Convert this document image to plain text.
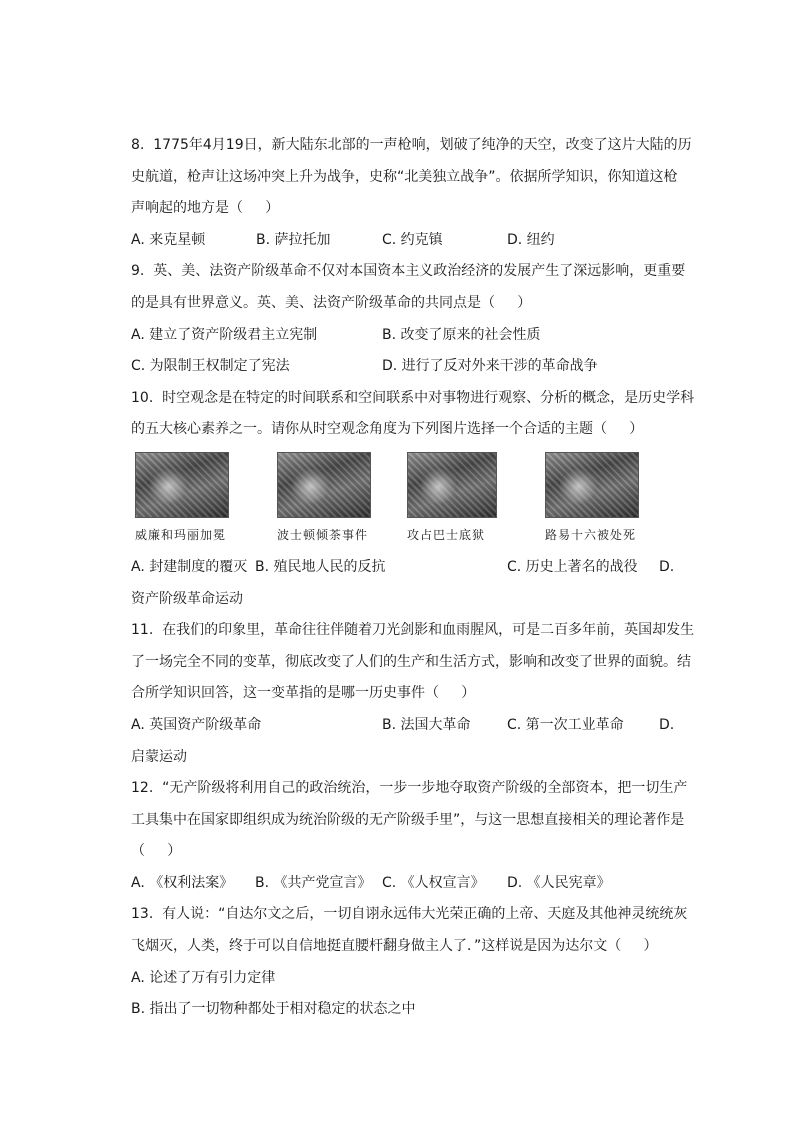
8.  1775年4月19日，新大陆东北部的一声枪响，划破了纯净的天空，改变了这片大陆的历
史航道，枪声让这场冲突上升为战争，史称“北美独立战争”。依据所学知识，你知道这枪
声响起的地方是（     ）
A. 来克星顿	B. 萨拉托加	C. 约克镇	D. 纽约
9.  英、美、法资产阶级革命不仅对本国资本主义政治经济的发展产生了深远影响，更重要
的是具有世界意义。英、美、法资产阶级革命的共同点是（     ）
A. 建立了资产阶级君主立宪制	B. 改变了原来的社会性质
C. 为限制王权制定了宪法	D. 进行了反对外来干涉的革命战争
10.  时空观念是在特定的时间联系和空间联系中对事物进行观察、分析的概念，是历史学科
的五大核心素养之一。请你从时空观念角度为下列图片选择一个合适的主题（     ）
威廉和玛丽加冕	波士顿倾茶事件	攻占巴士底狱	路易十六被处死
A. 封建制度的覆灭 B. 殖民地人民的反抗	C. 历史上著名的战役 D.
资产阶级革命运动
11.  在我们的印象里，革命往往伴随着刀光剑影和血雨腥风，可是二百多年前，英国却发生
了一场完全不同的变革，彻底改变了人们的生产和生活方式，影响和改变了世界的面貌。结
合所学知识回答，这一变革指的是哪一历史事件（     ）
A. 英国资产阶级革命	B. 法国大革命	C. 第一次工业革命	D.
启蒙运动
12.  “无产阶级将利用自己的政治统治，一步一步地夺取资产阶级的全部资本，把一切生产
工具集中在国家即组织成为统治阶级的无产阶级手里”，与这一思想直接相关的理论著作是
（     ）
A. 《权利法案》 B. 《共产党宣言》 C. 《人权宣言》 D. 《人民宪章》
13.  有人说：“自达尔文之后，一切自诩永远伟大光荣正确的上帝、天庭及其他神灵统统灰
飞烟灭，人类，终于可以自信地挺直腰杆翻身做主人了．”这样说是因为达尔文（     ）
A. 论述了万有引力定律
B. 指出了一切物种都处于相对稳定的状态之中
